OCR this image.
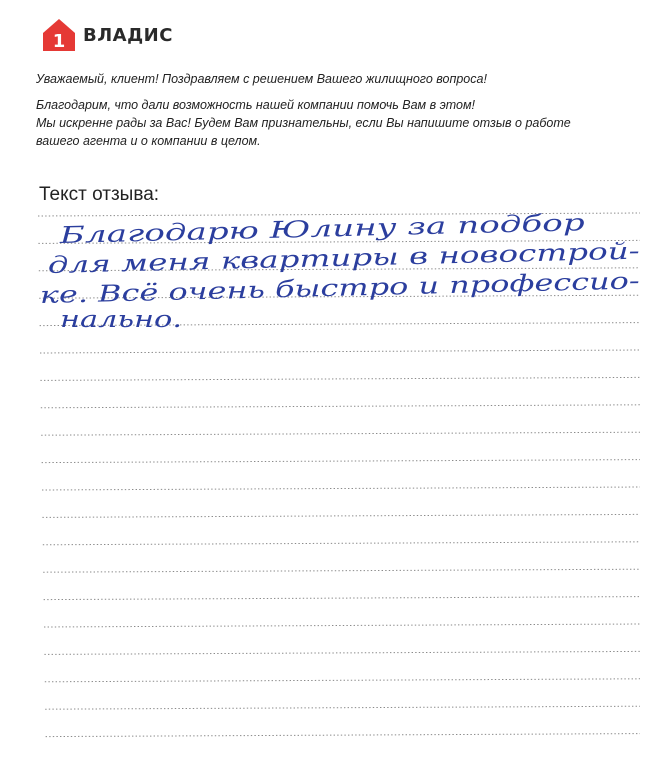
1 ВЛАДИС

Уважаемый, клиент! Поздравляем с решением Вашего жилищного вопроса!

Благодарим, что дали возможность нашей компании помочь Вам в этом!

Мы искренне рады за Вас! Будем Вам признательны, если Вы напишите отзыв о работе

вашего агента и о компании в целом.

Текст отзыва:
Благодарю Юлину за подбор
для меня квартиры в новострой-
ке. Всё очень быстро и профессио-
нально.
